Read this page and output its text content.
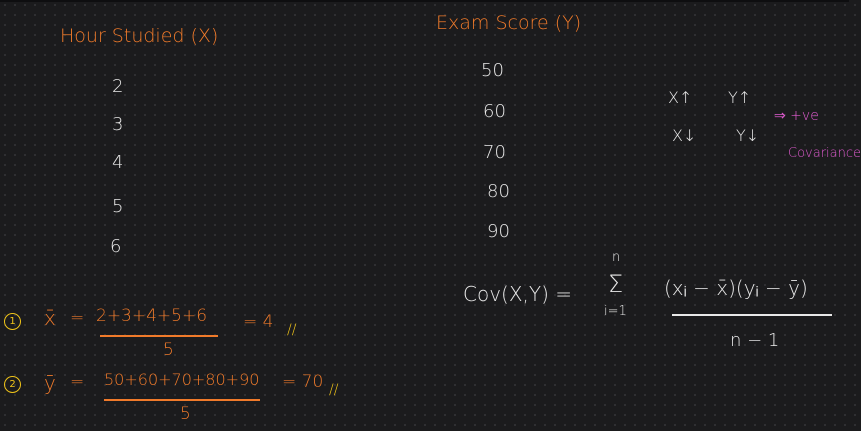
Hour Studied (X)

2

3

4

5

6

Exam Score (Y)

50

60

70

80

90

X↑ Y↑

X↓ Y↓

⇒ +ve

Covariance

Cov(X,Y) =

n

Σ

i=1

(xᵢ − x̄)(yᵢ − ȳ)

n − 1

1 x̄ = 2+3+4+5+6

5

= 4 //

2 ȳ = 50+60+70+80+90

5

= 70 //
